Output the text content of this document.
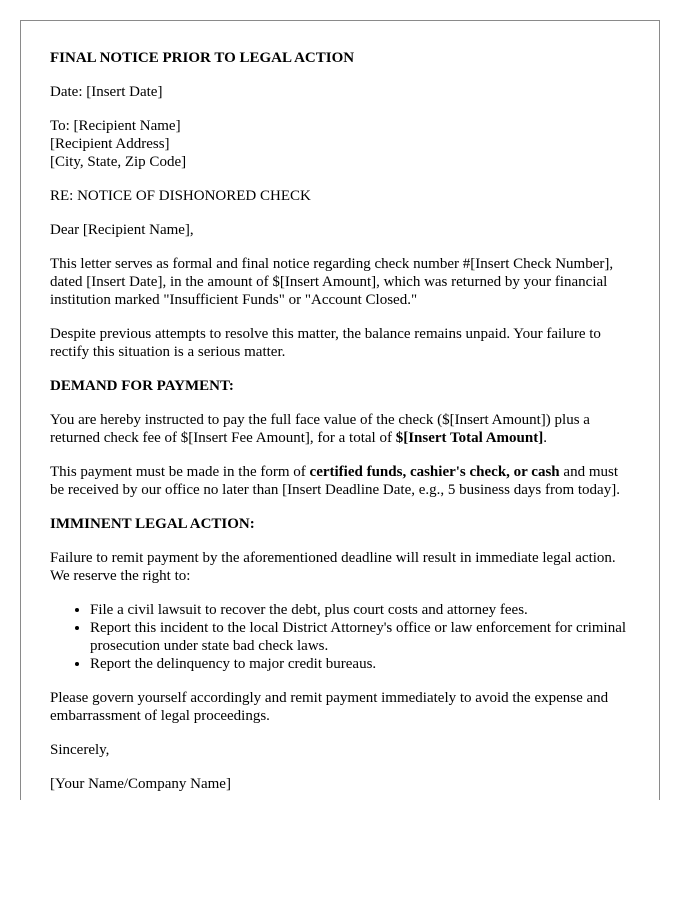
FINAL NOTICE PRIOR TO LEGAL ACTION

Date: [Insert Date]

To: [Recipient Name]
[Recipient Address]
[City, State, Zip Code]

RE: NOTICE OF DISHONORED CHECK

Dear [Recipient Name],

This letter serves as formal and final notice regarding check number #[Insert Check Number], dated [Insert Date], in the amount of $[Insert Amount], which was returned by your financial institution marked "Insufficient Funds" or "Account Closed."

Despite previous attempts to resolve this matter, the balance remains unpaid. Your failure to rectify this situation is a serious matter.

DEMAND FOR PAYMENT:

You are hereby instructed to pay the full face value of the check ($[Insert Amount]) plus a returned check fee of $[Insert Fee Amount], for a total of $[Insert Total Amount].

This payment must be made in the form of certified funds, cashier's check, or cash and must be received by our office no later than [Insert Deadline Date, e.g., 5 business days from today].

IMMINENT LEGAL ACTION:

Failure to remit payment by the aforementioned deadline will result in immediate legal action. We reserve the right to:

• File a civil lawsuit to recover the debt, plus court costs and attorney fees.
• Report this incident to the local District Attorney's office or law enforcement for criminal prosecution under state bad check laws.
• Report the delinquency to major credit bureaus.

Please govern yourself accordingly and remit payment immediately to avoid the expense and embarrassment of legal proceedings.

Sincerely,

[Your Name/Company Name]
